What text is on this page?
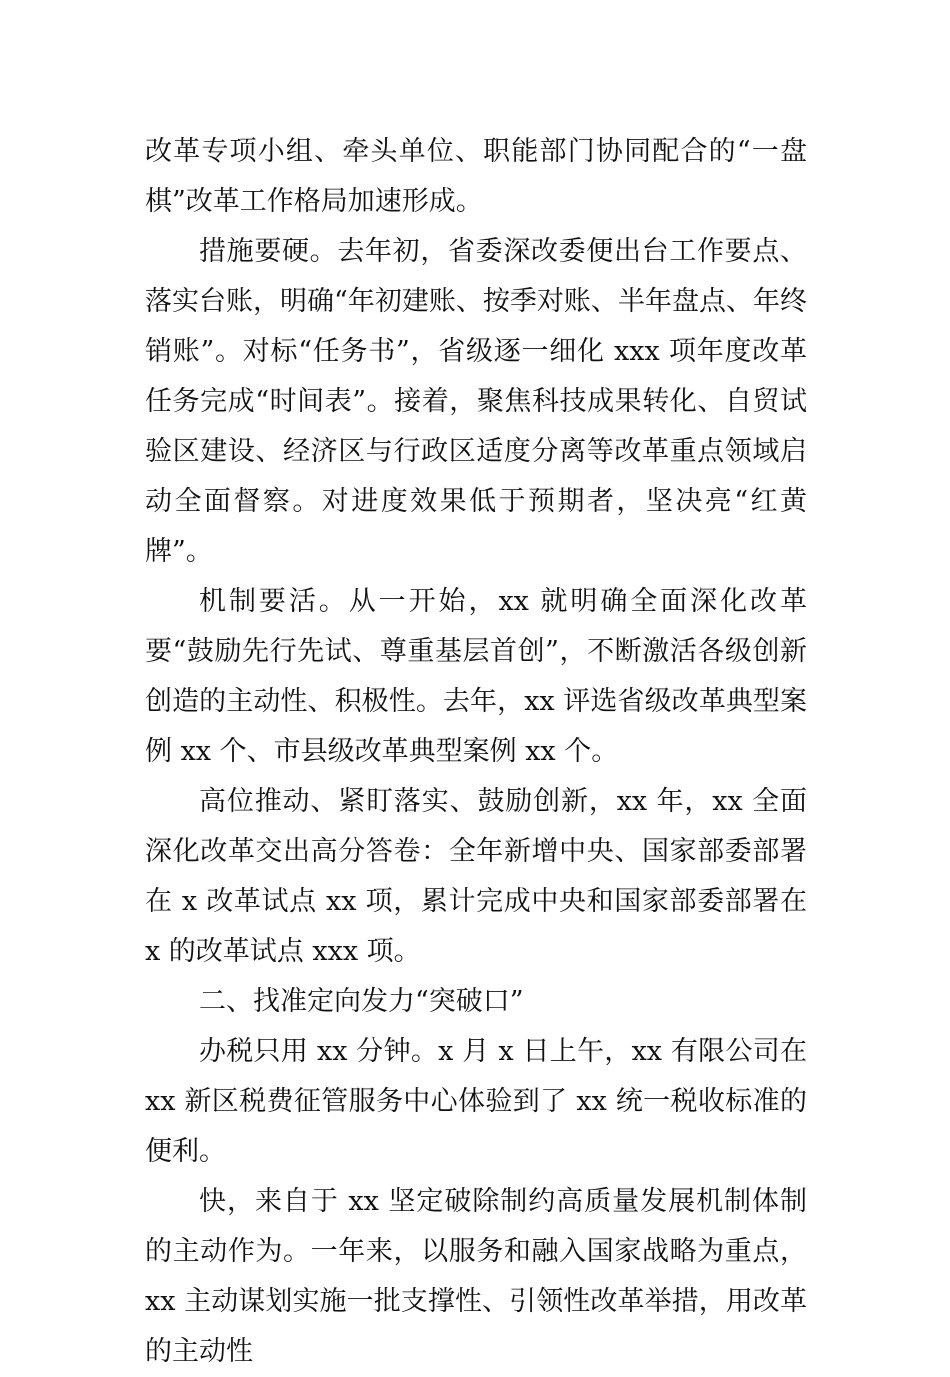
改革专项小组、牵头单位、职能部门协同配合的“一盘棋”改革工作格局加速形成。

措施要硬。去年初，省委深改委便出台工作要点、落实台账，明确“年初建账、按季对账、半年盘点、年终销账”。对标“任务书”，省级逐一细化 xxx 项年度改革任务完成“时间表”。接着，聚焦科技成果转化、自贸试验区建设、经济区与行政区适度分离等改革重点领域启动全面督察。对进度效果低于预期者，坚决亮“红黄牌”。

机制要活。从一开始，xx 就明确全面深化改革要“鼓励先行先试、尊重基层首创”，不断激活各级创新创造的主动性、积极性。去年，xx 评选省级改革典型案例 xx 个、市县级改革典型案例 xx 个。

高位推动、紧盯落实、鼓励创新，xx 年，xx 全面深化改革交出高分答卷：全年新增中央、国家部委部署在 x 改革试点 xx 项，累计完成中央和国家部委部署在 x 的改革试点 xxx 项。

二、找准定向发力“突破口”

办税只用 xx 分钟。x 月 x 日上午，xx 有限公司在 xx 新区税费征管服务中心体验到了 xx 统一税收标准的便利。

快，来自于 xx 坚定破除制约高质量发展机制体制的主动作为。一年来，以服务和融入国家战略为重点，xx 主动谋划实施一批支撑性、引领性改革举措，用改革的主动性
